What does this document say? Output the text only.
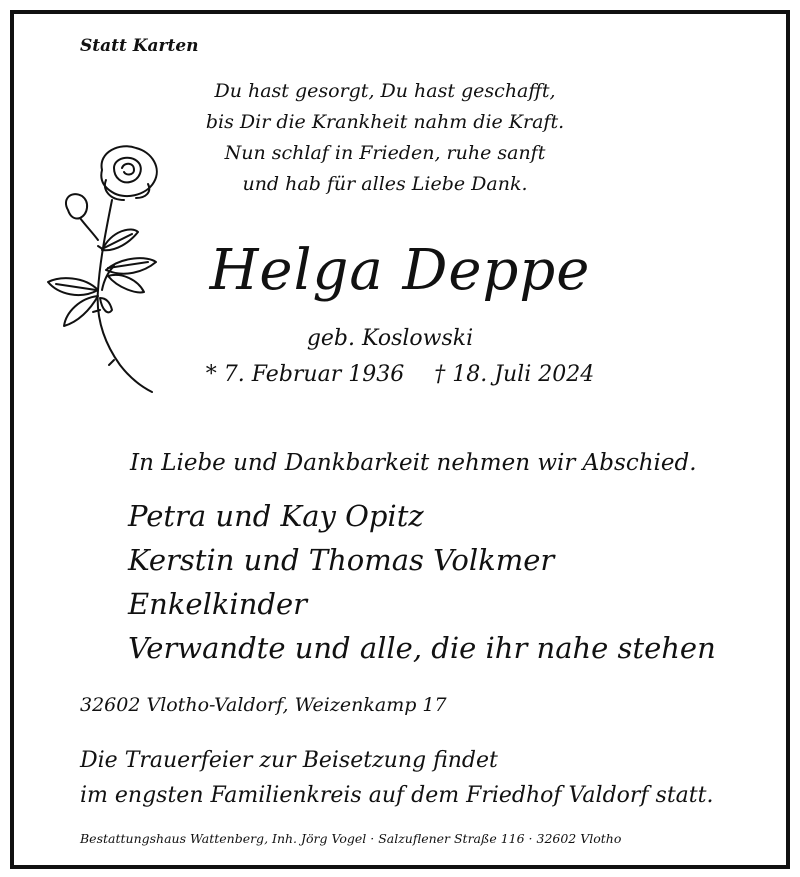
Statt Karten
Du hast gesorgt, Du hast geschafft,
bis Dir die Krankheit nahm die Kraft.
Nun schlaf in Frieden, ruhe sanft
und hab für alles Liebe Dank.
Helga Deppe
geb. Koslowski
* 7. Februar 1936 † 18. Juli 2024
In Liebe und Dankbarkeit nehmen wir Abschied.
Petra und Kay Opitz
Kerstin und Thomas Volkmer
Enkelkinder
Verwandte und alle, die ihr nahe stehen
32602 Vlotho-Valdorf, Weizenkamp 17
Die Trauerfeier zur Beisetzung findet
im engsten Familienkreis auf dem Friedhof Valdorf statt.
Bestattungshaus Wattenberg, Inh. Jörg Vogel · Salzuflener Straße 116 · 32602 Vlotho
